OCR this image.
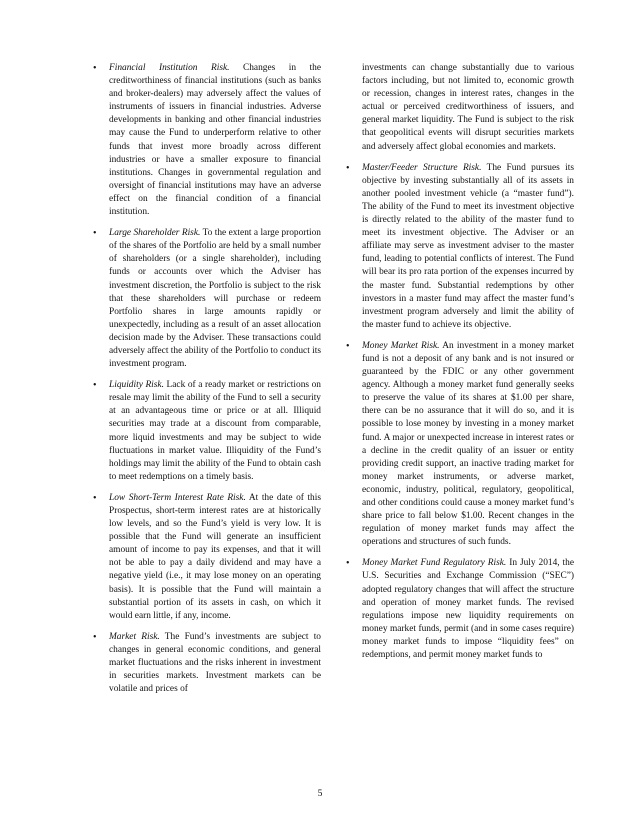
• Financial Institution Risk. Changes in the creditworthiness of financial institutions (such as banks and broker-dealers) may adversely affect the values of instruments of issuers in financial industries. Adverse developments in banking and other financial industries may cause the Fund to underperform relative to other funds that invest more broadly across different industries or have a smaller exposure to financial institutions. Changes in governmental regulation and oversight of financial institutions may have an adverse effect on the financial condition of a financial institution.

• Large Shareholder Risk. To the extent a large proportion of the shares of the Portfolio are held by a small number of shareholders (or a single shareholder), including funds or accounts over which the Adviser has investment discretion, the Portfolio is subject to the risk that these shareholders will purchase or redeem Portfolio shares in large amounts rapidly or unexpectedly, including as a result of an asset allocation decision made by the Adviser. These transactions could adversely affect the ability of the Portfolio to conduct its investment program.

• Liquidity Risk. Lack of a ready market or restrictions on resale may limit the ability of the Fund to sell a security at an advantageous time or price or at all. Illiquid securities may trade at a discount from comparable, more liquid investments and may be subject to wide fluctuations in market value. Illiquidity of the Fund’s holdings may limit the ability of the Fund to obtain cash to meet redemptions on a timely basis.

• Low Short-Term Interest Rate Risk. At the date of this Prospectus, short-term interest rates are at historically low levels, and so the Fund’s yield is very low. It is possible that the Fund will generate an insufficient amount of income to pay its expenses, and that it will not be able to pay a daily dividend and may have a negative yield (i.e., it may lose money on an operating basis). It is possible that the Fund will maintain a substantial portion of its assets in cash, on which it would earn little, if any, income.

• Market Risk. The Fund’s investments are subject to changes in general economic conditions, and general market fluctuations and the risks inherent in investment in securities markets. Investment markets can be volatile and prices of

investments can change substantially due to various factors including, but not limited to, economic growth or recession, changes in interest rates, changes in the actual or perceived creditworthiness of issuers, and general market liquidity. The Fund is subject to the risk that geopolitical events will disrupt securities markets and adversely affect global economies and markets.

• Master/Feeder Structure Risk. The Fund pursues its objective by investing substantially all of its assets in another pooled investment vehicle (a “master fund”). The ability of the Fund to meet its investment objective is directly related to the ability of the master fund to meet its investment objective. The Adviser or an affiliate may serve as investment adviser to the master fund, leading to potential conflicts of interest. The Fund will bear its pro rata portion of the expenses incurred by the master fund. Substantial redemptions by other investors in a master fund may affect the master fund’s investment program adversely and limit the ability of the master fund to achieve its objective.

• Money Market Risk. An investment in a money market fund is not a deposit of any bank and is not insured or guaranteed by the FDIC or any other government agency. Although a money market fund generally seeks to preserve the value of its shares at $1.00 per share, there can be no assurance that it will do so, and it is possible to lose money by investing in a money market fund. A major or unexpected increase in interest rates or a decline in the credit quality of an issuer or entity providing credit support, an inactive trading market for money market instruments, or adverse market, economic, industry, political, regulatory, geopolitical, and other conditions could cause a money market fund’s share price to fall below $1.00. Recent changes in the regulation of money market funds may affect the operations and structures of such funds.

• Money Market Fund Regulatory Risk. In July 2014, the U.S. Securities and Exchange Commission (“SEC”) adopted regulatory changes that will affect the structure and operation of money market funds. The revised regulations impose new liquidity requirements on money market funds, permit (and in some cases require) money market funds to impose “liquidity fees” on redemptions, and permit money market funds to

5
